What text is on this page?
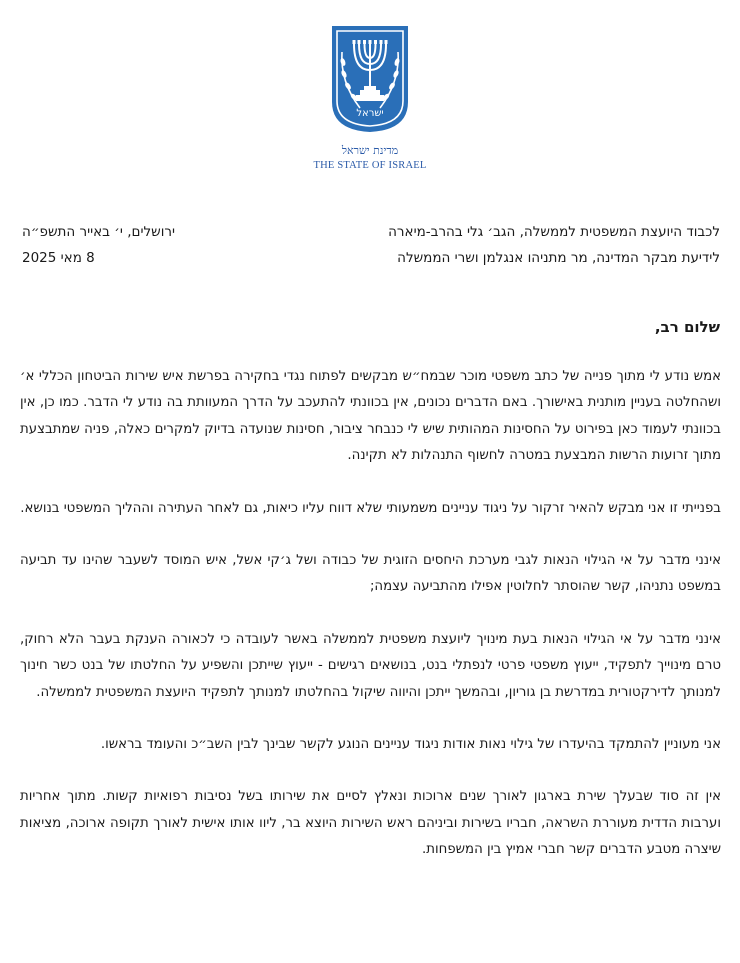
ישראל
מדינת ישראל
THE STATE OF ISRAEL
לכבוד היועצת המשפטית לממשלה, הגב׳ גלי בהרב-מיארה
ירושלים, י׳ באייר התשפ״ה
לידיעת מבקר המדינה, מר מתניהו אנגלמן ושרי הממשלה
8 מאי 2025
שלום רב,

אמש נודע לי מתוך פנייה של כתב משפטי מוכר שבמח״ש מבקשים לפתוח נגדי בחקירה בפרשת איש שירות הביטחון הכללי א׳ ושהחלטה בעניין מותנית באישורך. באם הדברים נכונים, אין בכוונתי להתעכב על הדרך המעוותת בה נודע לי הדבר. כמו כן, אין בכוונתי לעמוד כאן בפירוט על החסינות המהותית שיש לי כנבחר ציבור, חסינות שנועדה בדיוק למקרים כאלה, פניה שמתבצעת מתוך זרועות הרשות המבצעת במטרה לחשוף התנהלות לא תקינה.

בפנייתי זו אני מבקש להאיר זרקור על ניגוד עניינים משמעותי שלא דווח עליו כיאות, גם לאחר העתירה וההליך המשפטי בנושא.

אינני מדבר על אי הגילוי הנאות לגבי מערכת היחסים הזוגית של כבודה ושל ג׳קי אשל, איש המוסד לשעבר שהינו עד תביעה במשפט נתניהו, קשר שהוסתר לחלוטין אפילו מהתביעה עצמה;

אינני מדבר על אי הגילוי הנאות בעת מינויך ליועצת משפטית לממשלה באשר לעובדה כי לכאורה הענקת בעבר הלא רחוק, טרם מינוייך לתפקיד, ייעוץ משפטי פרטי לנפתלי בנט, בנושאים רגישים - ייעוץ שייתכן והשפיע על החלטתו של בנט כשר חינוך למנותך לדירקטורית במדרשת בן גוריון, ובהמשך ייתכן והיווה שיקול בהחלטתו למנותך לתפקיד היועצת המשפטית לממשלה.

אני מעוניין להתמקד בהיעדרו של גילוי נאות אודות ניגוד עניינים הנוגע לקשר שבינך לבין השב״כ והעומד בראשו.

אין זה סוד שבעלך שירת בארגון לאורך שנים ארוכות ונאלץ לסיים את שירותו בשל נסיבות רפואיות קשות. מתוך אחריות וערבות הדדית מעוררת השראה, חבריו בשירות וביניהם ראש השירות היוצא בר, ליוו אותו אישית לאורך תקופה ארוכה, מציאות שיצרה מטבע הדברים קשר חברי אמיץ בין המשפחות.
